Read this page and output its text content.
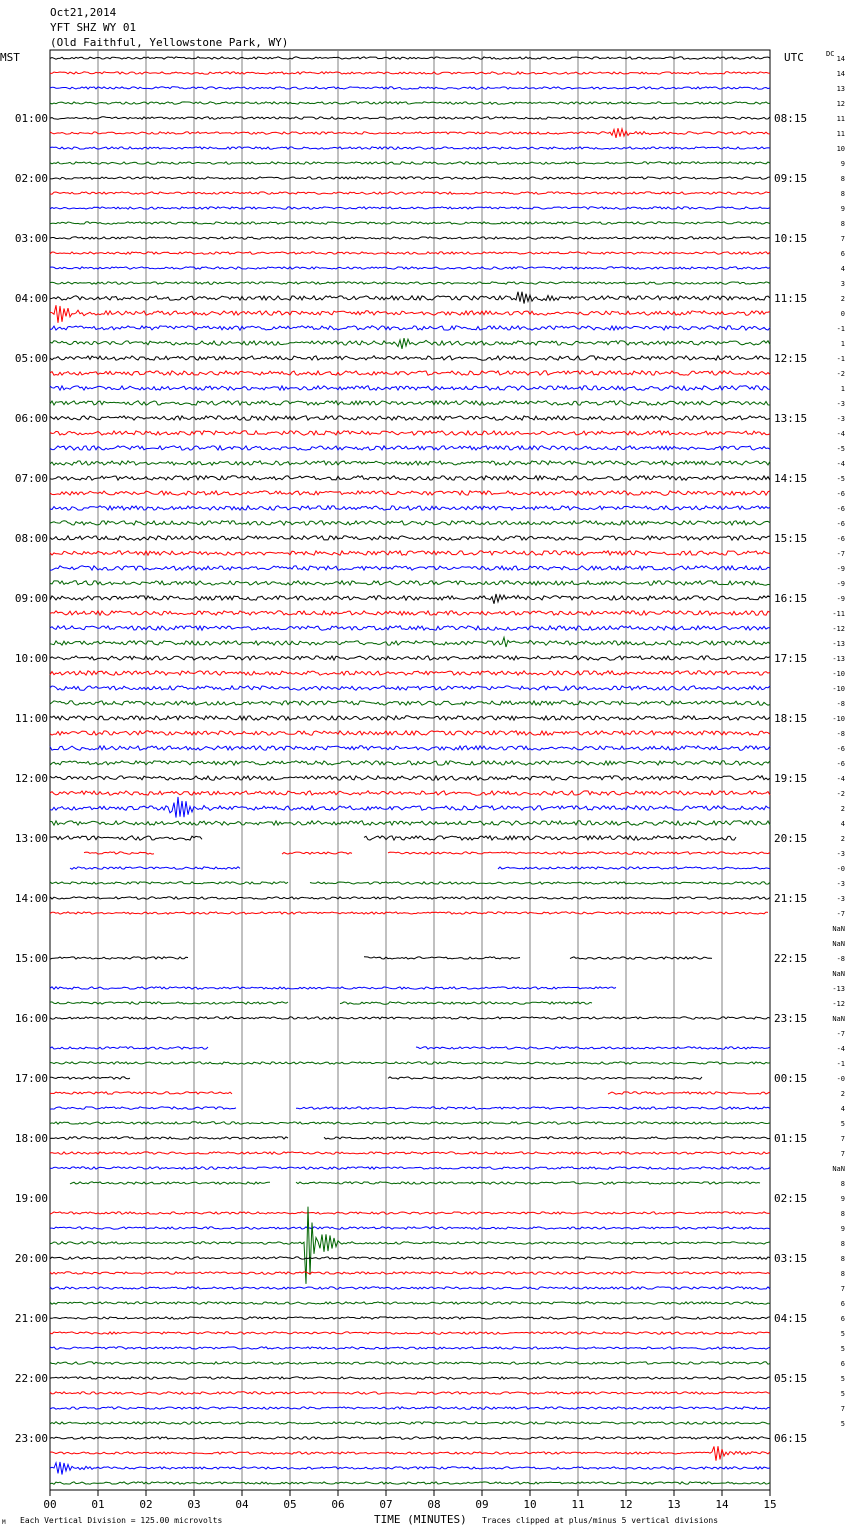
Oct21,2014
YFT SHZ WY 01
(Old Faithful, Yellowstone Park, WY)
MST	UTC	DC
01:00
02:00
03:00
04:00
05:00
06:00
07:00
08:00
09:00
10:00
11:00
12:00
13:00
14:00
15:00
16:00
17:00
18:00
19:00
20:00
21:00
22:00
23:00
08:15
09:15
10:15
11:15
12:15
13:15
14:15
15:15
16:15
17:15
18:15
19:15
20:15
21:15
22:15
23:15
00:15
01:15
02:15
03:15
04:15
05:15
06:15
14
14
13
12
11
11
10
9
8
8
9
8
7
6
4
3
2
0
-1
1
-1
-2
1
-3
-3
-4
-5
-4
-5
-6
-6
-6
-6
-7
-9
-9
-9
-11
-12
-13
-13
-10
-10
-8
-10
-8
-6
-6
-4
-2
2
4
2
-3
-0
-3
-3
-7
NaN
NaN
-8
NaN
-13
-12
NaN
-7
-4
-1
-0
2
4
5
7
7
NaN
8
9
8
9
8
8
8
7
6
6
5
5
6
5
5
7
5
00	01	02	03	04	05	06	07	08	09	10	11	12	13	14	15
M Each Vertical Division = 125.00 microvolts	TIME (MINUTES) Traces clipped at plus/minus 5 vertical divisions
